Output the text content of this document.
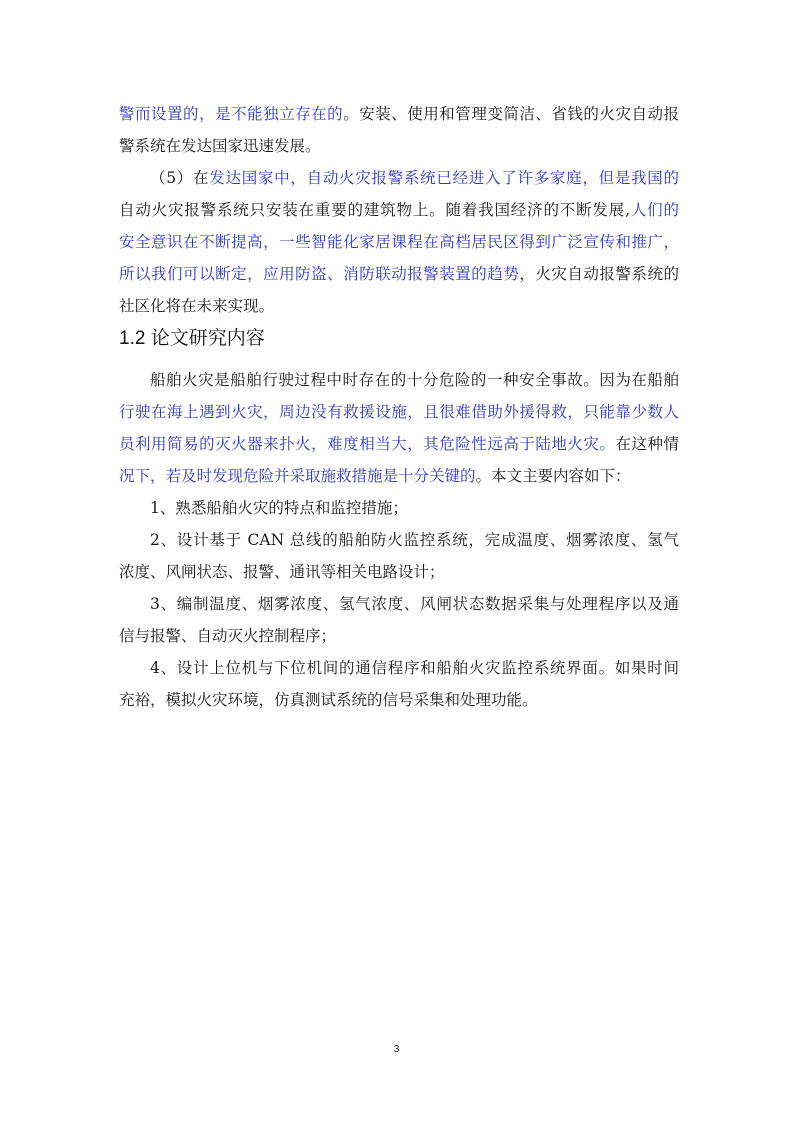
警而设置的，是不能独立存在的。安装、使用和管理变简洁、省钱的火灾自动报
警系统在发达国家迅速发展。
（5）在发达国家中，自动火灾报警系统已经进入了许多家庭，但是我国的
自动火灾报警系统只安装在重要的建筑物上。随着我国经济的不断发展,人们的
安全意识在不断提高，一些智能化家居课程在高档居民区得到广泛宣传和推广，
所以我们可以断定，应用防盗、消防联动报警装置的趋势，火灾自动报警系统的
社区化将在未来实现。
1.2 论文研究内容
船舶火灾是船舶行驶过程中时存在的十分危险的一种安全事故。因为在船舶
行驶在海上遇到火灾，周边没有救援设施，且很难借助外援得救，只能靠少数人
员利用简易的灭火器来扑火，难度相当大，其危险性远高于陆地火灾。在这种情
况下，若及时发现危险并采取施救措施是十分关键的。本文主要内容如下：
1、熟悉船舶火灾的特点和监控措施；
2、设计基于 CAN 总线的船舶防火监控系统，完成温度、烟雾浓度、氢气
浓度、风闸状态、报警、通讯等相关电路设计；
3、编制温度、烟雾浓度、氢气浓度、风闸状态数据采集与处理程序以及通
信与报警、自动灭火控制程序；
4、设计上位机与下位机间的通信程序和船舶火灾监控系统界面。如果时间
充裕，模拟火灾环境，仿真测试系统的信号采集和处理功能。
3
